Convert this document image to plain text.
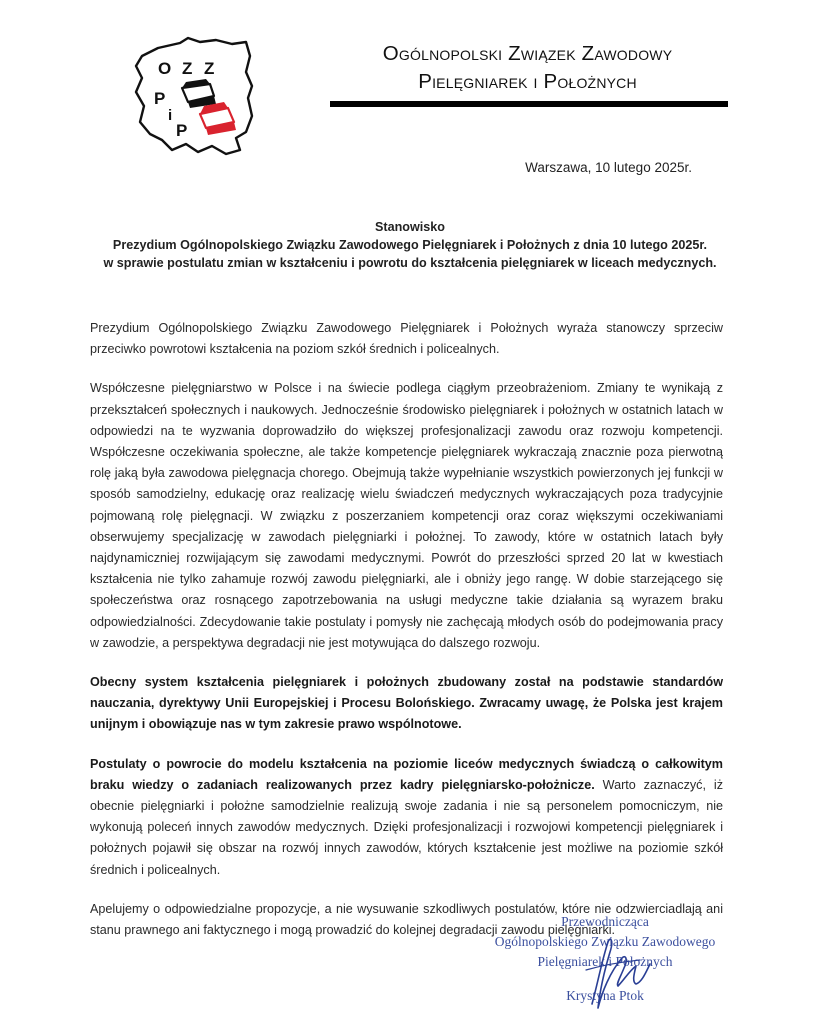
O Z Z
P
i
P
Ogólnopolski Związek Zawodowy
Pielęgniarek i Położnych
Warszawa, 10 lutego 2025r.
Stanowisko
Prezydium Ogólnopolskiego Związku Zawodowego Pielęgniarek i Położnych z dnia 10 lutego 2025r.
w sprawie postulatu zmian w kształceniu i powrotu do kształcenia pielęgniarek w liceach medycznych.

Prezydium Ogólnopolskiego Związku Zawodowego Pielęgniarek i Położnych wyraża stanowczy sprzeciw przeciwko powrotowi kształcenia na poziom szkół średnich i policealnych.

Współczesne pielęgniarstwo w Polsce i na świecie podlega ciągłym przeobrażeniom. Zmiany te wynikają z przekształceń społecznych i naukowych. Jednocześnie środowisko pielęgniarek i położnych w ostatnich latach w odpowiedzi na te wyzwania doprowadziło do większej profesjonalizacji zawodu oraz rozwoju kompetencji. Współczesne oczekiwania społeczne, ale także kompetencje pielęgniarek wykraczają znacznie poza pierwotną rolę jaką była zawodowa pielęgnacja chorego. Obejmują także wypełnianie wszystkich powierzonych jej funkcji w sposób samodzielny, edukację oraz realizację wielu świadczeń medycznych wykraczających poza tradycyjnie pojmowaną rolę pielęgnacji. W związku z poszerzaniem kompetencji oraz coraz większymi oczekiwaniami obserwujemy specjalizację w zawodach pielęgniarki i położnej. To zawody, które w ostatnich latach były najdynamiczniej rozwijającym się zawodami medycznymi. Powrót do przeszłości sprzed 20 lat w kwestiach kształcenia nie tylko zahamuje rozwój zawodu pielęgniarki, ale i obniży jego rangę. W dobie starzejącego się społeczeństwa oraz rosnącego zapotrzebowania na usługi medyczne takie działania są wyrazem braku odpowiedzialności. Zdecydowanie takie postulaty i pomysły nie zachęcają młodych osób do podejmowania pracy w zawodzie, a perspektywa degradacji nie jest motywująca do dalszego rozwoju.

Obecny system kształcenia pielęgniarek i położnych zbudowany został na podstawie standardów nauczania, dyrektywy Unii Europejskiej i Procesu Bolońskiego. Zwracamy uwagę, że Polska jest krajem unijnym i obowiązuje nas w tym zakresie prawo wspólnotowe.

Postulaty o powrocie do modelu kształcenia na poziomie liceów medycznych świadczą o całkowitym braku wiedzy o zadaniach realizowanych przez kadry pielęgniarsko-położnicze. Warto zaznaczyć, iż obecnie pielęgniarki i położne samodzielnie realizują swoje zadania i nie są personelem pomocniczym, nie wykonują poleceń innych zawodów medycznych. Dzięki profesjonalizacji i rozwojowi kompetencji pielęgniarek i położnych pojawił się obszar na rozwój innych zawodów, których kształcenie jest możliwe na poziomie szkół średnich i policealnych.

Apelujemy o odpowiedzialne propozycje, a nie wysuwanie szkodliwych postulatów, które nie odzwierciadlają ani stanu prawnego ani faktycznego i mogą prowadzić do kolejnej degradacji zawodu pielęgniarki.

Przewodnicząca
Ogólnopolskiego Związku Zawodowego
Pielęgniarek i Położnych
Krystyna Ptok
